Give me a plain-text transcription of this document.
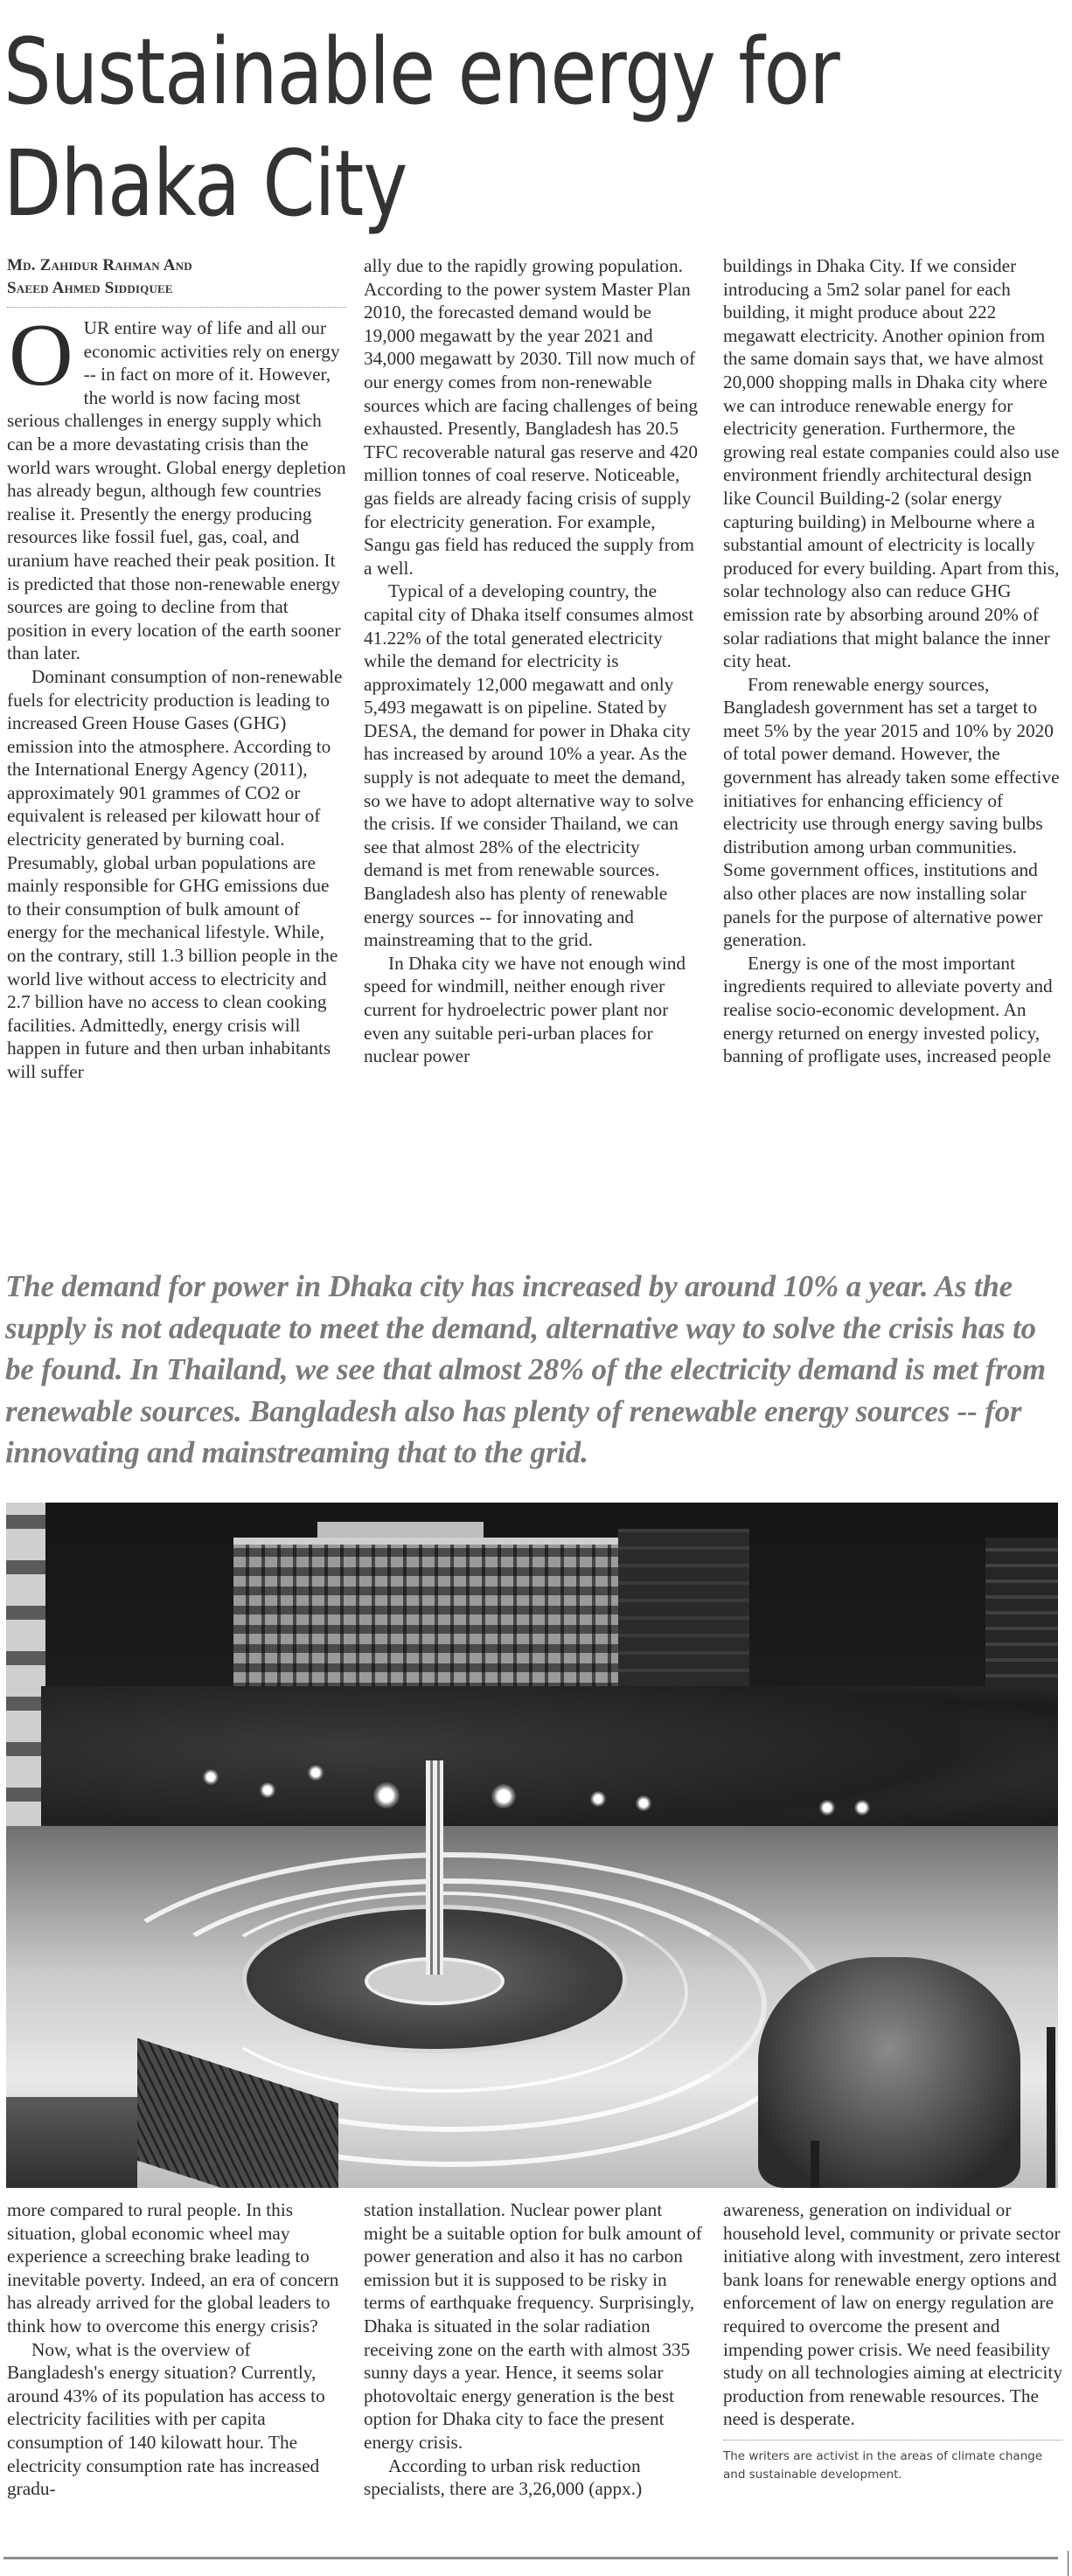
Sustainable energy for
Dhaka City
Md. Zahidur Rahman And
Saeed Ahmed Siddiquee

OUR entire way of life and all our economic activities rely on energy -- in fact on more of it. However, the world is now facing most serious challenges in energy supply which can be a more devastating crisis than the world wars wrought. Global energy depletion has already begun, although few countries realise it. Presently the energy producing resources like fossil fuel, gas, coal, and uranium have reached their peak position. It is predicted that those non-renewable energy sources are going to decline from that position in every location of the earth sooner than later.

Dominant consumption of non-renewable fuels for electricity production is leading to increased Green House Gases (GHG) emission into the atmosphere. According to the International Energy Agency (2011), approximately 901 grammes of CO2 or equivalent is released per kilowatt hour of electricity generated by burning coal. Presumably, global urban populations are mainly responsible for GHG emissions due to their consumption of bulk amount of energy for the mechanical lifestyle. While, on the contrary, still 1.3 billion people in the world live without access to electricity and 2.7 billion have no access to clean cooking facilities. Admittedly, energy crisis will happen in future and then urban inhabitants will suffer

ally due to the rapidly growing population. According to the power system Master Plan 2010, the forecasted demand would be 19,000 megawatt by the year 2021 and 34,000 megawatt by 2030. Till now much of our energy comes from non-renewable sources which are facing challenges of being exhausted. Presently, Bangladesh has 20.5 TFC recoverable natural gas reserve and 420 million tonnes of coal reserve. Noticeable, gas fields are already facing crisis of supply for electricity generation. For example, Sangu gas field has reduced the supply from a well.

Typical of a developing country, the capital city of Dhaka itself consumes almost 41.22% of the total generated electricity while the demand for electricity is approximately 12,000 megawatt and only 5,493 megawatt is on pipeline. Stated by DESA, the demand for power in Dhaka city has increased by around 10% a year. As the supply is not adequate to meet the demand, so we have to adopt alternative way to solve the crisis. If we consider Thailand, we can see that almost 28% of the electricity demand is met from renewable sources. Bangladesh also has plenty of renewable energy sources -- for innovating and mainstreaming that to the grid.

In Dhaka city we have not enough wind speed for windmill, neither enough river current for hydroelectric power plant nor even any suitable peri-urban places for nuclear power

buildings in Dhaka City. If we consider introducing a 5m2 solar panel for each building, it might produce about 222 megawatt electricity. Another opinion from the same domain says that, we have almost 20,000 shopping malls in Dhaka city where we can introduce renewable energy for electricity generation. Furthermore, the growing real estate companies could also use environment friendly architectural design like Council Building-2 (solar energy capturing building) in Melbourne where a substantial amount of electricity is locally produced for every building. Apart from this, solar technology also can reduce GHG emission rate by absorbing around 20% of solar radiations that might balance the inner city heat.

From renewable energy sources, Bangladesh government has set a target to meet 5% by the year 2015 and 10% by 2020 of total power demand. However, the government has already taken some effective initiatives for enhancing efficiency of electricity use through energy saving bulbs distribution among urban communities. Some government offices, institutions and also other places are now installing solar panels for the purpose of alternative power generation.

Energy is one of the most important ingredients required to alleviate poverty and realise socio-economic development. An energy returned on energy invested policy, banning of profligate uses, increased people

The demand for power in Dhaka city has increased by around 10% a year. As the supply is not adequate to meet the demand, alternative way to solve the crisis has to be found. In Thailand, we see that almost 28% of the electricity demand is met from renewable sources. Bangladesh also has plenty of renewable energy sources -- for innovating and mainstreaming that to the grid.

more compared to rural people. In this situation, global economic wheel may experience a screeching brake leading to inevitable poverty. Indeed, an era of concern has already arrived for the global leaders to think how to overcome this energy crisis?

Now, what is the overview of Bangladesh's energy situation? Currently, around 43% of its population has access to electricity facilities with per capita consumption of 140 kilowatt hour. The electricity consumption rate has increased gradu-

station installation. Nuclear power plant might be a suitable option for bulk amount of power generation and also it has no carbon emission but it is supposed to be risky in terms of earthquake frequency. Surprisingly, Dhaka is situated in the solar radiation receiving zone on the earth with almost 335 sunny days a year. Hence, it seems solar photovoltaic energy generation is the best option for Dhaka city to face the present energy crisis.

According to urban risk reduction specialists, there are 3,26,000 (appx.)

awareness, generation on individual or household level, community or private sector initiative along with investment, zero interest bank loans for renewable energy options and enforcement of law on energy regulation are required to overcome the present and impending power crisis. We need feasibility study on all technologies aiming at electricity production from renewable resources. The need is desperate.

The writers are activist in the areas of climate change and sustainable development.
